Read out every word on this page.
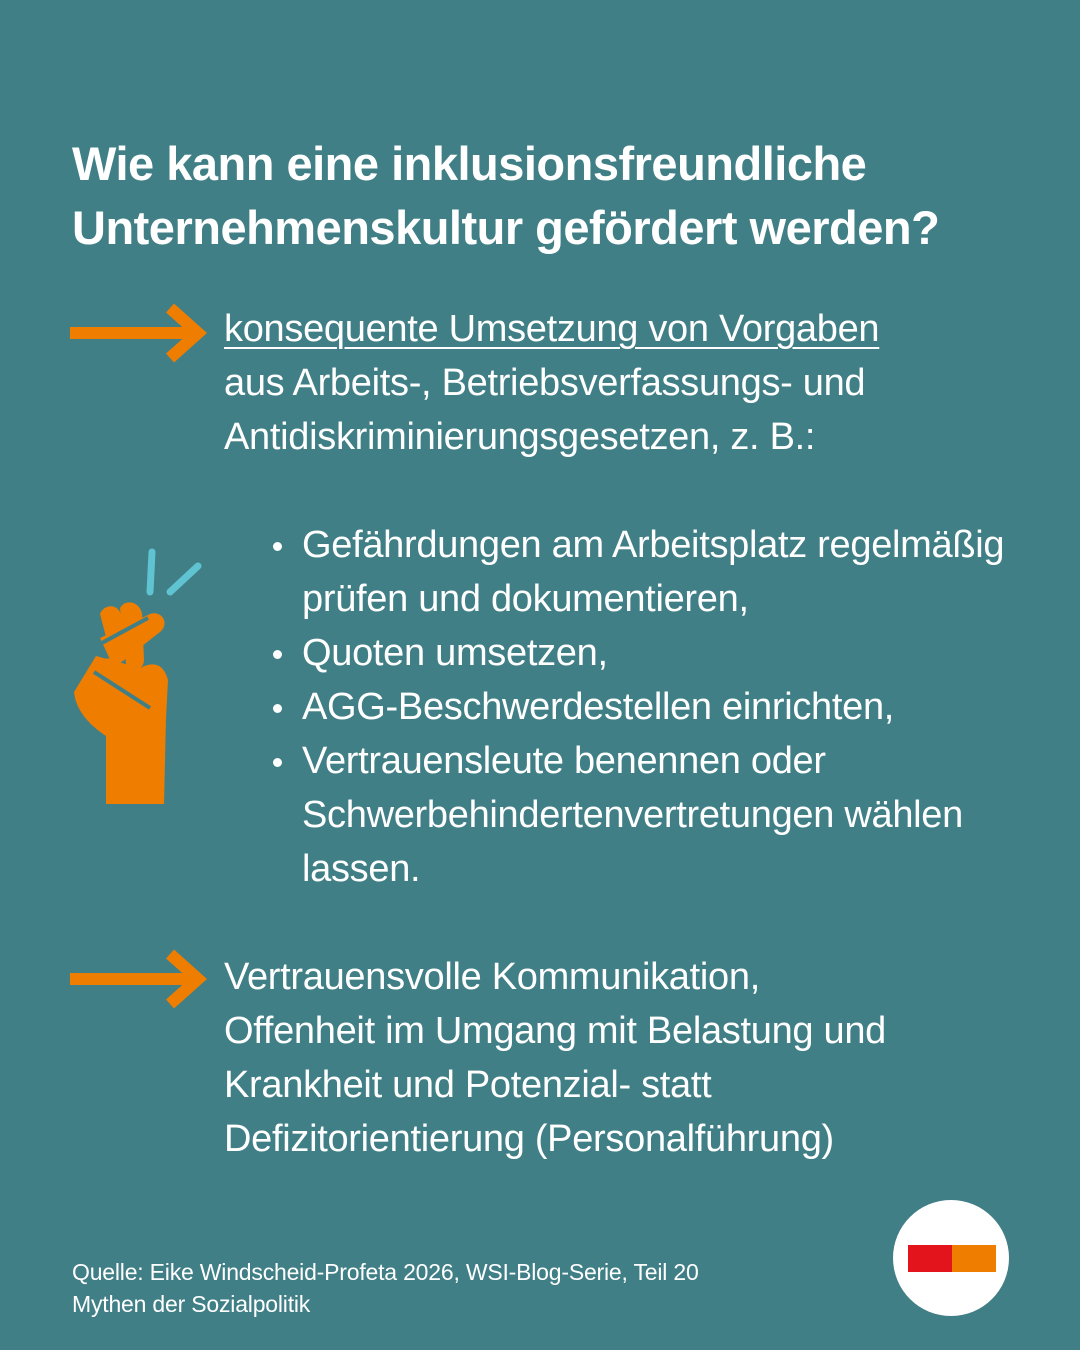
Wie kann eine inklusionsfreundliche
Unternehmenskultur gefördert werden?
konsequente Umsetzung von Vorgaben
aus Arbeits-, Betriebsverfassungs- und
Antidiskriminierungsgesetzen, z. B.:
Gefährdungen am Arbeitsplatz regelmäßig
prüfen und dokumentieren,
Quoten umsetzen,
AGG-Beschwerdestellen einrichten,
Vertrauensleute benennen oder
Schwerbehindertenvertretungen wählen
lassen.
Vertrauensvolle Kommunikation,
Offenheit im Umgang mit Belastung und
Krankheit und Potenzial- statt
Defizitorientierung (Personalführung)
Quelle: Eike Windscheid-Profeta 2026, WSI-Blog-Serie, Teil 20
Mythen der Sozialpolitik
